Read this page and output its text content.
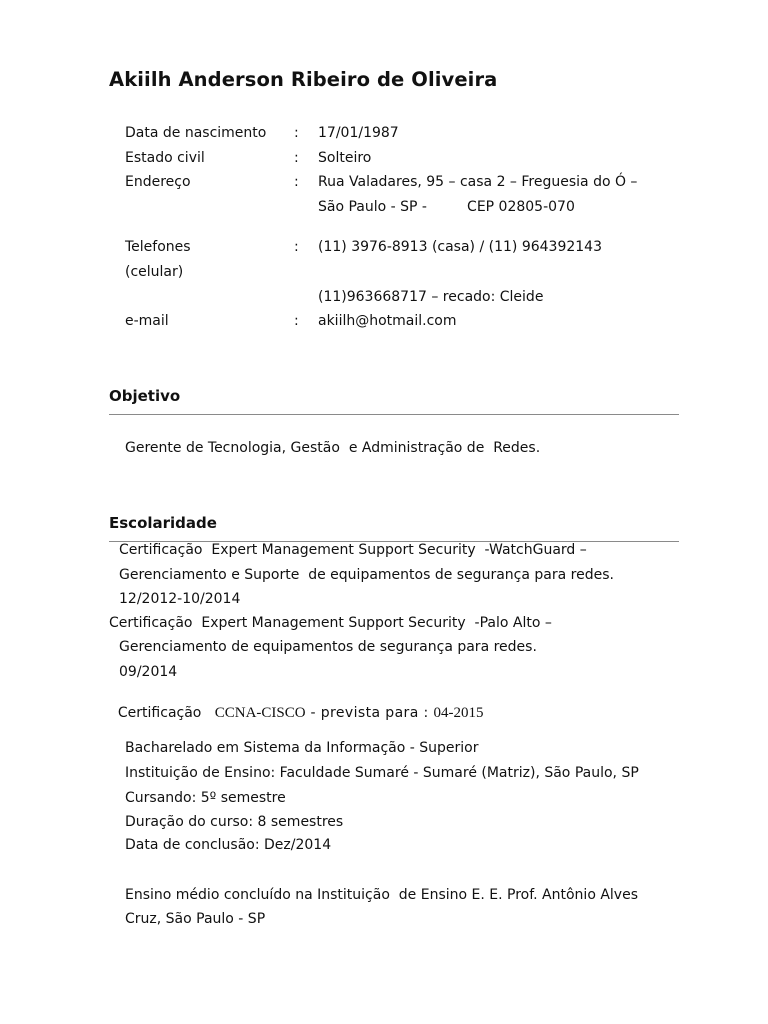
Akiilh Anderson Ribeiro de Oliveira
Data de nascimento : 17/01/1987
Estado civil	: Solteiro
Endereço	: Rua Valadares, 95 – casa 2 – Freguesia do Ó –
São Paulo - SP -         CEP 02805-070
Telefones	: (11) 3976-8913 (casa) / (11) 964392143
(celular)
(11)963668717 – recado: Cleide
e-mail	: akiilh@hotmail.com
Objetivo
Gerente de Tecnologia, Gestão  e Administração de  Redes.
Escolaridade
Certificação  Expert Management Support Security  -WatchGuard –
Gerenciamento e Suporte  de equipamentos de segurança para redes.
12/2012-10/2014
Certificação  Expert Management Support Security  -Palo Alto –
Gerenciamento de equipamentos de segurança para redes.
09/2014

Certificação CCNA-CISCO - prevista para : 04-2015

Bacharelado em Sistema da Informação - Superior
Instituição de Ensino: Faculdade Sumaré - Sumaré (Matriz), São Paulo, SP
Cursando: 5º semestre
Duração do curso: 8 semestres
Data de conclusão: Dez/2014
Ensino médio concluído na Instituição  de Ensino E. E. Prof. Antônio Alves
Cruz, São Paulo - SP
